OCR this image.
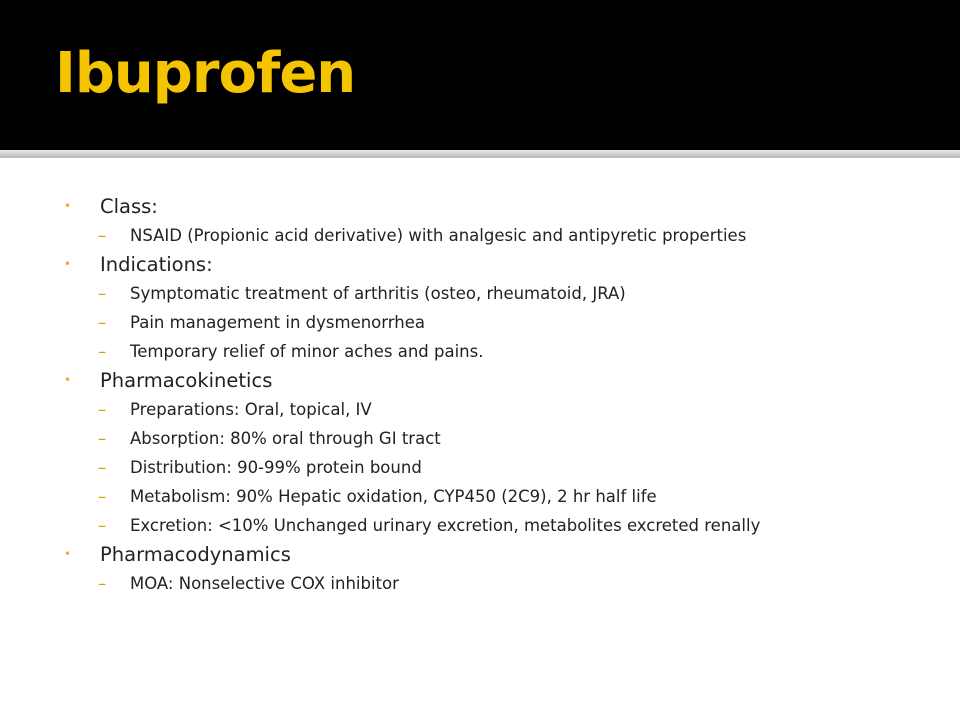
Ibuprofen
• Class:
– NSAID (Propionic acid derivative) with analgesic and antipyretic properties
• Indications:
– Symptomatic treatment of arthritis (osteo, rheumatoid, JRA)
– Pain management in dysmenorrhea
– Temporary relief of minor aches and pains.
• Pharmacokinetics
– Preparations: Oral, topical, IV
– Absorption: 80% oral through GI tract
– Distribution: 90-99% protein bound
– Metabolism: 90% Hepatic oxidation, CYP450 (2C9), 2 hr half life
– Excretion: <10% Unchanged urinary excretion, metabolites excreted renally
• Pharmacodynamics
– MOA: Nonselective COX inhibitor
